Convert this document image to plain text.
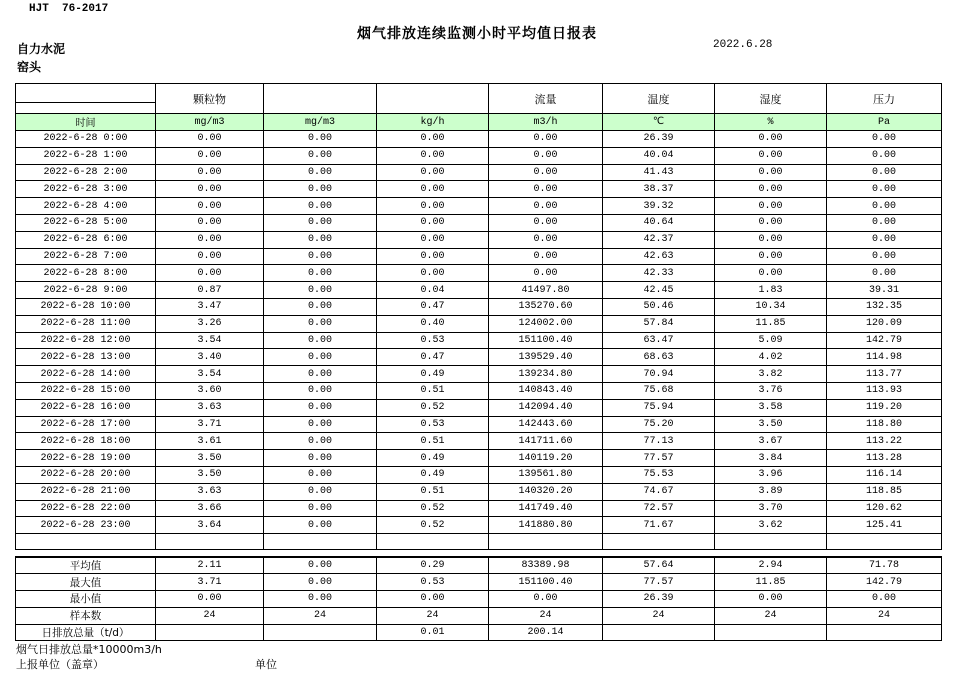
HJT  76-2017
烟气排放连续监测小时平均值日报表
自力水泥
窑头
2022.6.28
	颗粒物			流量	温度	湿度	压力

时间	mg/m3	mg/m3	kg/h	m3/h	℃	%	Pa
2022-6-28 0:00	0.00	0.00	0.00	0.00	26.39	0.00	0.00
2022-6-28 1:00	0.00	0.00	0.00	0.00	40.04	0.00	0.00
2022-6-28 2:00	0.00	0.00	0.00	0.00	41.43	0.00	0.00
2022-6-28 3:00	0.00	0.00	0.00	0.00	38.37	0.00	0.00
2022-6-28 4:00	0.00	0.00	0.00	0.00	39.32	0.00	0.00
2022-6-28 5:00	0.00	0.00	0.00	0.00	40.64	0.00	0.00
2022-6-28 6:00	0.00	0.00	0.00	0.00	42.37	0.00	0.00
2022-6-28 7:00	0.00	0.00	0.00	0.00	42.63	0.00	0.00
2022-6-28 8:00	0.00	0.00	0.00	0.00	42.33	0.00	0.00
2022-6-28 9:00	0.87	0.00	0.04	41497.80	42.45	1.83	39.31
2022-6-28 10:00	3.47	0.00	0.47	135270.60	50.46	10.34	132.35
2022-6-28 11:00	3.26	0.00	0.40	124002.00	57.84	11.85	120.09
2022-6-28 12:00	3.54	0.00	0.53	151100.40	63.47	5.09	142.79
2022-6-28 13:00	3.40	0.00	0.47	139529.40	68.63	4.02	114.98
2022-6-28 14:00	3.54	0.00	0.49	139234.80	70.94	3.82	113.77
2022-6-28 15:00	3.60	0.00	0.51	140843.40	75.68	3.76	113.93
2022-6-28 16:00	3.63	0.00	0.52	142094.40	75.94	3.58	119.20
2022-6-28 17:00	3.71	0.00	0.53	142443.60	75.20	3.50	118.80
2022-6-28 18:00	3.61	0.00	0.51	141711.60	77.13	3.67	113.22
2022-6-28 19:00	3.50	0.00	0.49	140119.20	77.57	3.84	113.28
2022-6-28 20:00	3.50	0.00	0.49	139561.80	75.53	3.96	116.14
2022-6-28 21:00	3.63	0.00	0.51	140320.20	74.67	3.89	118.85
2022-6-28 22:00	3.66	0.00	0.52	141749.40	72.57	3.70	120.62
2022-6-28 23:00	3.64	0.00	0.52	141880.80	71.67	3.62	125.41

平均值	2.11	0.00	0.29	83389.98	57.64	2.94	71.78
最大值	3.71	0.00	0.53	151100.40	77.57	11.85	142.79
最小值	0.00	0.00	0.00	0.00	26.39	0.00	0.00
样本数	24	24	24	24	24	24	24
日排放总量（t/d）			0.01	200.14			
烟气日排放总量*10000m3/h
上报单位（盖章）	单位
